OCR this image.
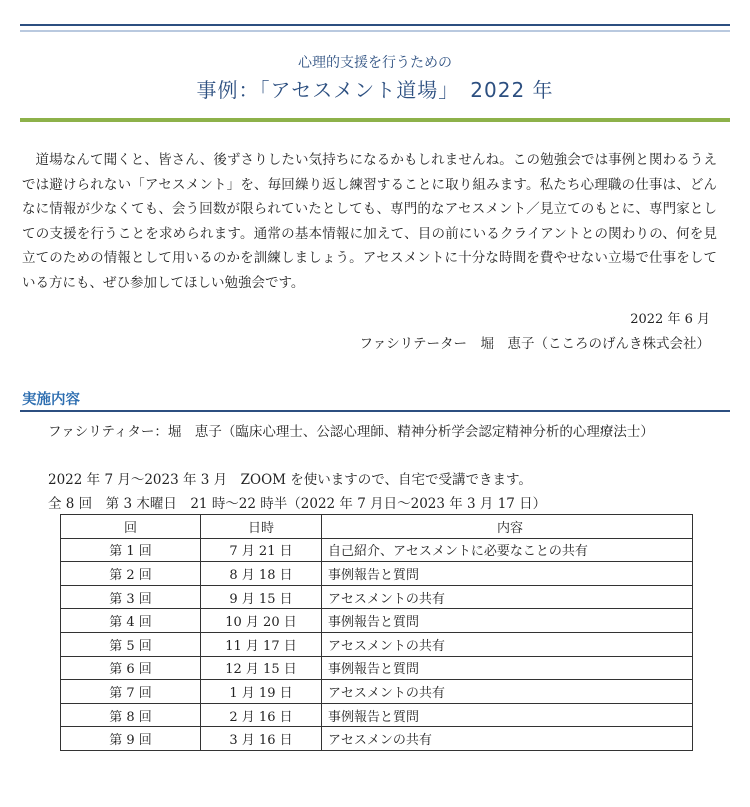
心理的支援を行うための
事例：「アセスメント道場」　2022 年

道場なんて聞くと、皆さん、後ずさりしたい気持ちになるかもしれませんね。この勉強会では事例と関わるうえでは避けられない「アセスメント」を、毎回繰り返し練習することに取り組みます。私たち心理職の仕事は、どんなに情報が少なくても、会う回数が限られていたとしても、専門的なアセスメント／見立てのもとに、専門家としての支援を行うことを求められます。通常の基本情報に加えて、目の前にいるクライアントとの関わりの、何を見立てのための情報として用いるのかを訓練しましょう。アセスメントに十分な時間を費やせない立場で仕事をしている方にも、ぜひ参加してほしい勉強会です。

2022 年 6 月
ファシリテーター　堀　恵子（こころのげんき株式会社）
実施内容
ファシリティター：堀　恵子（臨床心理士、公認心理師、精神分析学会認定精神分析的心理療法士）
2022 年 7 月～2023 年 3 月　ZOOM を使いますので、自宅で受講できます。
全 8 回　第 3 木曜日　21 時～22 時半（2022 年 7 月日～2023 年 3 月 17 日）
回	日時	内容
第 1 回	7 月 21 日	自己紹介、アセスメントに必要なことの共有
第 2 回	8 月 18 日	事例報告と質問
第 3 回	9 月 15 日	アセスメントの共有
第 4 回	10 月 20 日	事例報告と質問
第 5 回	11 月 17 日	アセスメントの共有
第 6 回	12 月 15 日	事例報告と質問
第 7 回	1 月 19 日	アセスメントの共有
第 8 回	2 月 16 日	事例報告と質問
第 9 回	3 月 16 日	アセスメンの共有
